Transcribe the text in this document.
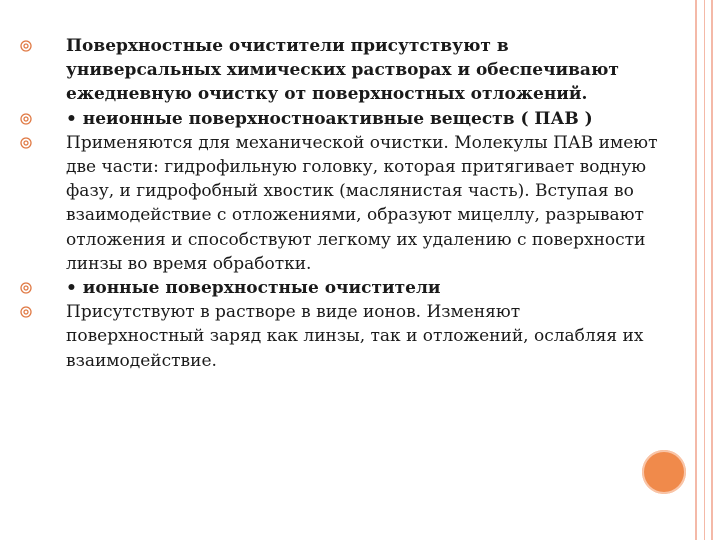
Поверхностные очистители присутствуют в универсальных химических растворах и обеспечивают ежедневную очистку от поверхностных отложений.
• неионные поверхностноактивные веществ ( ПАВ )
Применяются для механической очистки. Молекулы ПАВ имеют две части: гидрофильную головку, которая притягивает водную фазу, и гидрофобный хвостик (маслянистая часть). Вступая во взаимодействие с отложениями, образуют мицеллу, разрывают отложения и способствуют легкому их удалению с поверхности линзы во время обработки.
• ионные поверхностные очистители
Присутствуют в растворе в виде ионов. Изменяют поверхностный заряд как линзы, так и отложений, ослабляя их взаимодействие.
